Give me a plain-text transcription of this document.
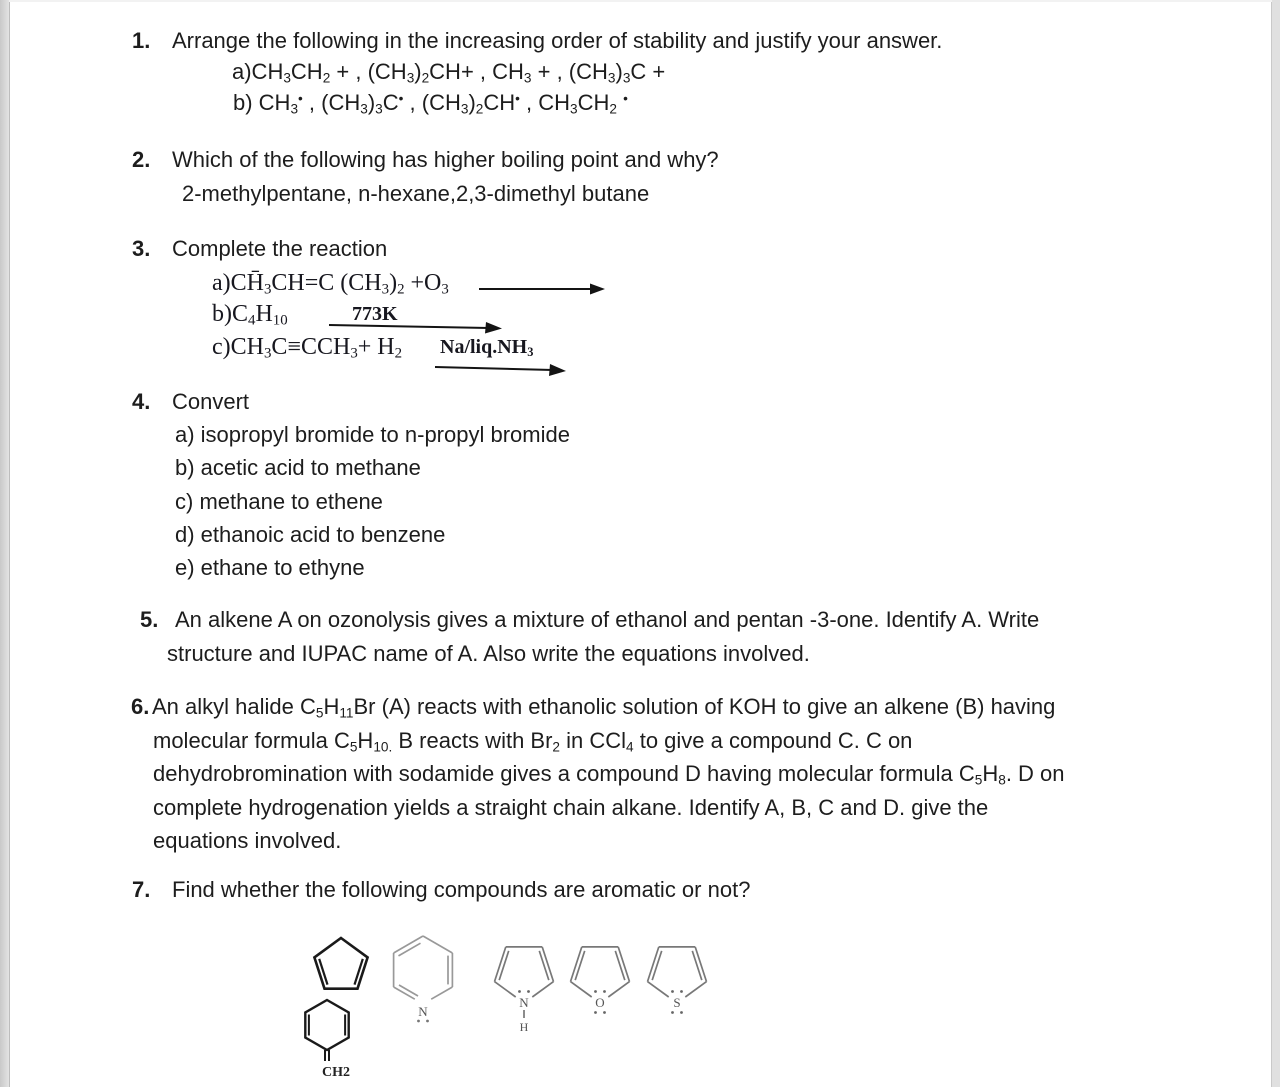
1. Arrange the following in the increasing order of stability and justify your answer.
$a)CH_3CH_2$ + , $(CH_3)_2CH+$ , $CH_3$ + , $(CH_3)_3C$ +
b) $CH_3^•$ , $(CH_3)_3C^•$ , $(CH_3)_2CH^•$ , $CH_3CH_2$ •
2. Which of the following has higher boiling point and why?
2-methylpentane, n-hexane,2,3-dimethyl butane
3. Complete the reaction
$a)CH̄_3CH=C$ $(CH_3)_2 +O_3$
$b)C_4H_{10}$
$c)CH_3C\equiv CCH_3+ H_2$
773K
$Na/liq.NH_3$
4. Convert
a) isopropyl bromide to n-propyl bromide
b) acetic acid to methane
c) methane to ethene
d) ethanoic acid to benzene
e) ethane to ethyne
5. An alkene A on ozonolysis gives a mixture of ethanol and pentan -3-one. Identify A. Write
structure and IUPAC name of A. Also write the equations involved.
6. An alkyl halide $C_5H_{11}Br$ (A) reacts with ethanolic solution of KOH to give an alkene (B) having
molecular formula $C_5H_{10.}$ B reacts with $Br_2$ in CCl$_4$ to give a compound C. C on
dehydrobromination with sodamide gives a compound D having molecular formula $C_5H_8$. D on
complete hydrogenation yields a straight chain alkane. Identify A, B, C and D. give the
equations involved.
7. Find whether the following compounds are aromatic or not?
N
N
H
O	S
CH2
